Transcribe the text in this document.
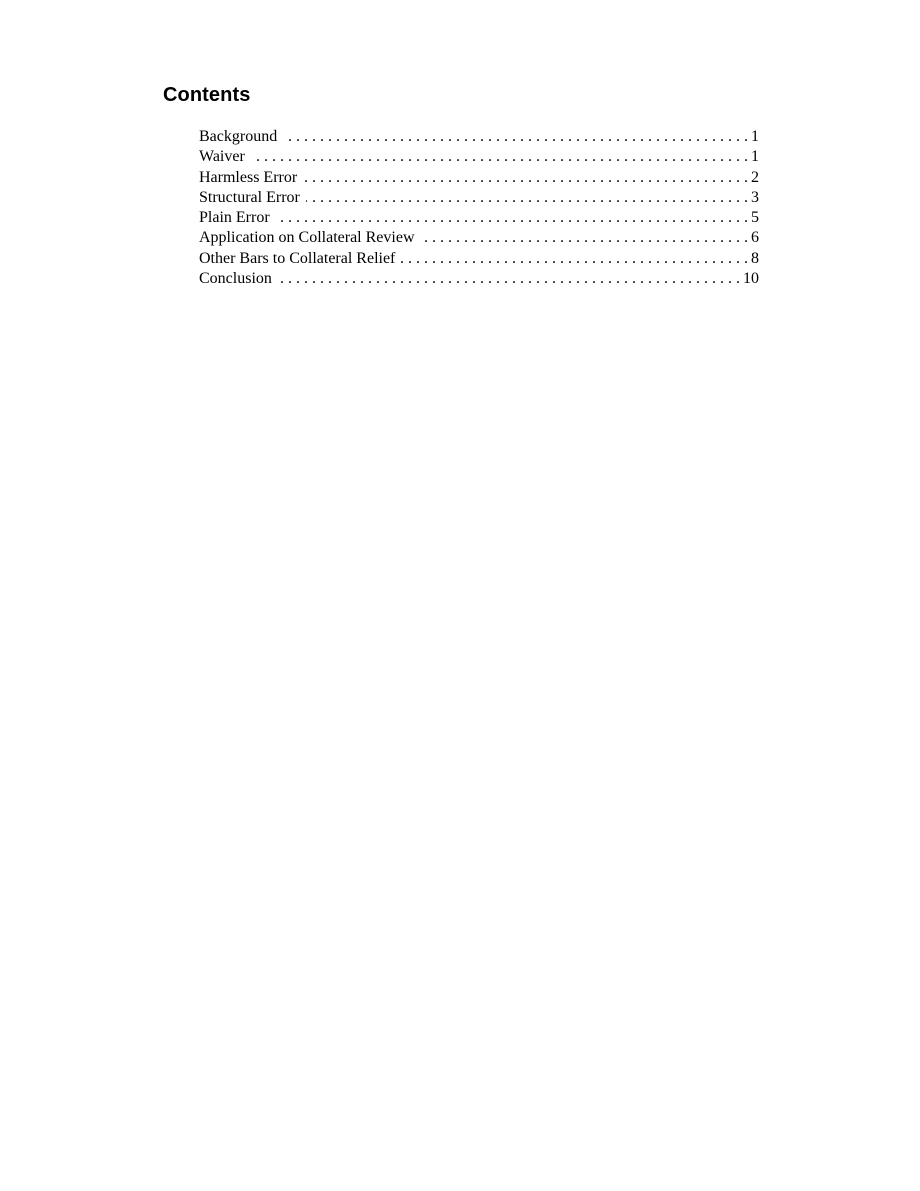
Contents
Background . . .	1
Waiver . . .	1
Harmless Error . . .	2
Structural Error . . .	3
Plain Error . . .	5
Application on Collateral Review . . .	6
Other Bars to Collateral Relief . . .	8
Conclusion . . .	10
